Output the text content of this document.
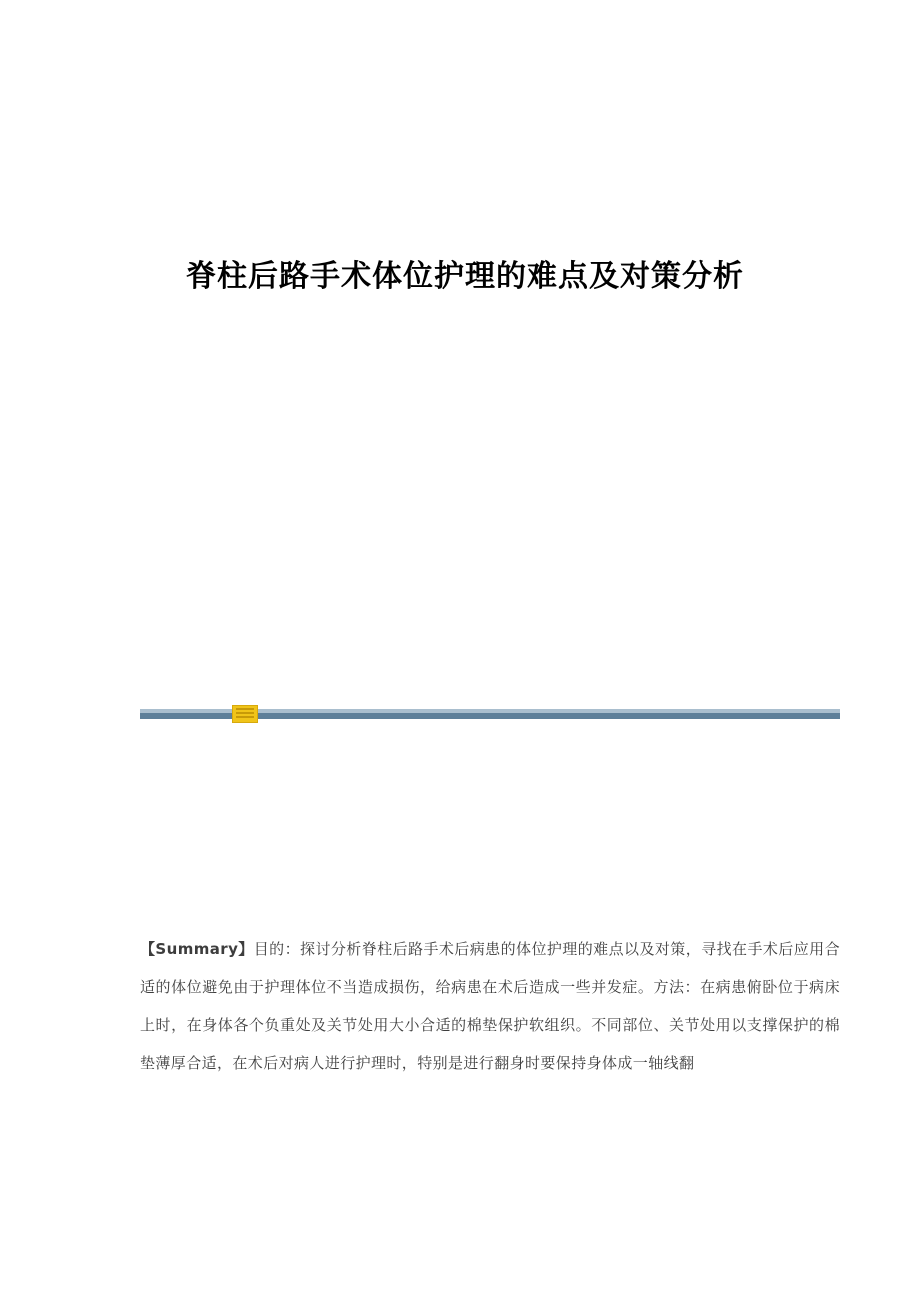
脊柱后路手术体位护理的难点及对策分析
【Summary】目的：探讨分析脊柱后路手术后病患的体位护理的难点以及对策，寻找在手术后应用合适的体位避免由于护理体位不当造成损伤，给病患在术后造成一些并发症。方法：在病患俯卧位于病床上时，在身体各个负重处及关节处用大小合适的棉垫保护软组织。不同部位、关节处用以支撑保护的棉垫薄厚合适，在术后对病人进行护理时，特别是进行翻身时要保持身体成一轴线翻
